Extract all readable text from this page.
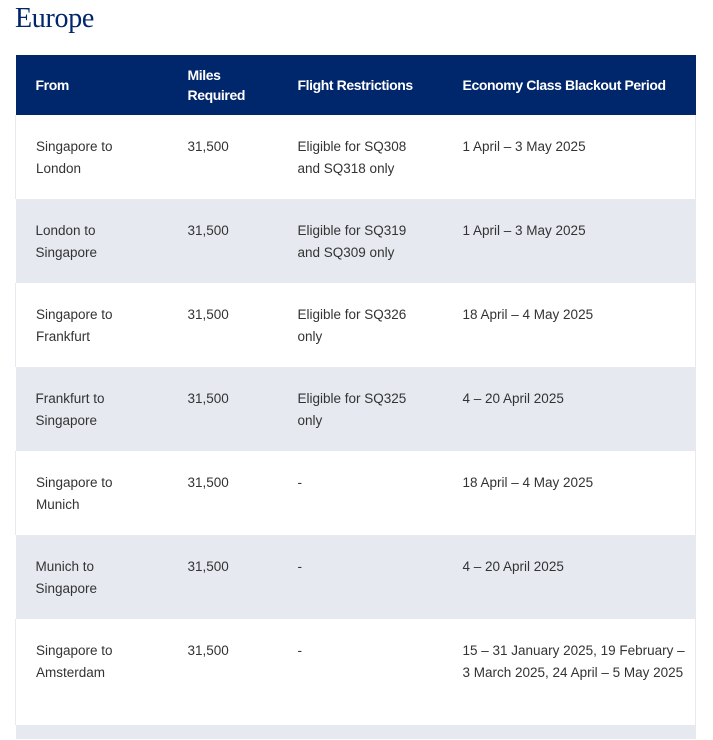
Europe
From	Miles Required	Flight Restrictions	Economy Class Blackout Period
Singapore to London	31,500	Eligible for SQ308 and SQ318 only	1 April – 3 May 2025
London to Singapore	31,500	Eligible for SQ319 and SQ309 only	1 April – 3 May 2025
Singapore to Frankfurt	31,500	Eligible for SQ326 only	18 April – 4 May 2025
Frankfurt to Singapore	31,500	Eligible for SQ325 only	4 – 20 April 2025
Singapore to Munich	31,500	-	18 April – 4 May 2025
Munich to Singapore	31,500	-	4 – 20 April 2025
Singapore to Amsterdam	31,500	-	15 – 31 January 2025, 19 February – 3 March 2025, 24 April – 5 May 2025
